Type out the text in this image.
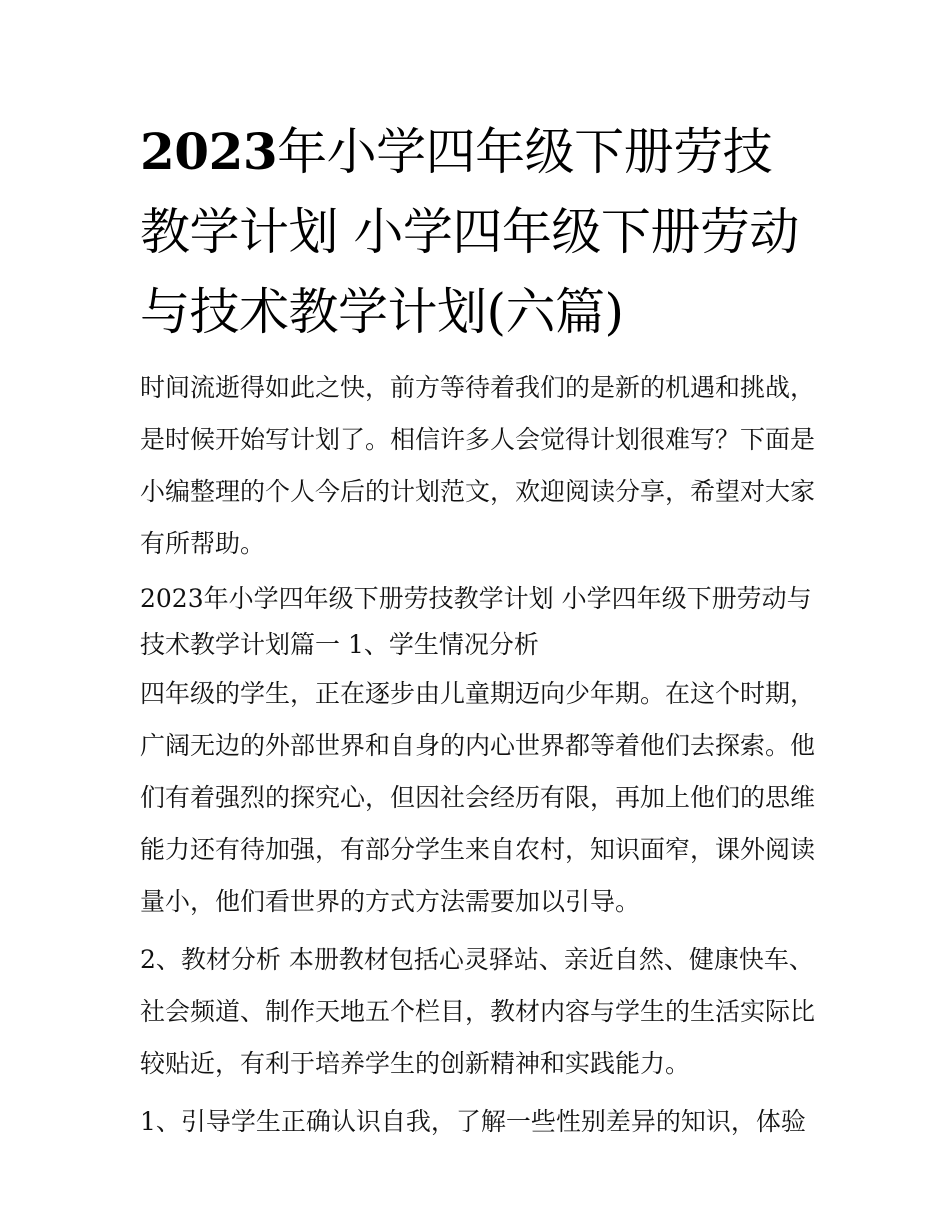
2023年小学四年级下册劳技教学计划 小学四年级下册劳动与技术教学计划(六篇)

时间流逝得如此之快，前方等待着我们的是新的机遇和挑战，是时候开始写计划了。相信许多人会觉得计划很难写？下面是小编整理的个人今后的计划范文，欢迎阅读分享，希望对大家有所帮助。

2023年小学四年级下册劳技教学计划 小学四年级下册劳动与技术教学计划篇一 1、学生情况分析

四年级的学生，正在逐步由儿童期迈向少年期。在这个时期，广阔无边的外部世界和自身的内心世界都等着他们去探索。他们有着强烈的探究心，但因社会经历有限，再加上他们的思维能力还有待加强，有部分学生来自农村，知识面窄，课外阅读量小，他们看世界的方式方法需要加以引导。

2、教材分析 本册教材包括心灵驿站、亲近自然、健康快车、社会频道、制作天地五个栏目，教材内容与学生的生活实际比较贴近，有利于培养学生的创新精神和实践能力。

1、引导学生正确认识自我，了解一些性别差异的知识，体验
